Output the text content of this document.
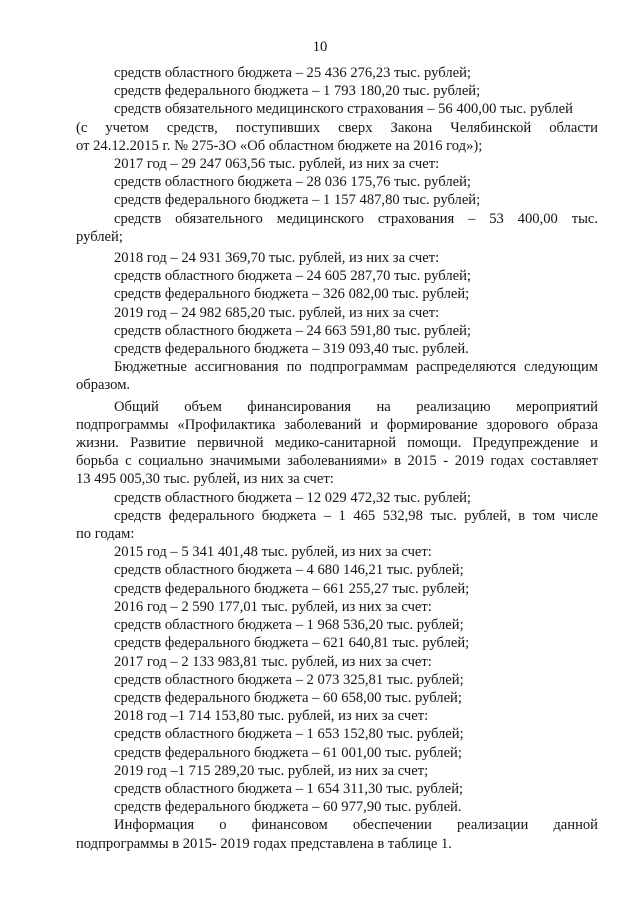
10

средств областного бюджета – 25 436 276,23 тыс. рублей;

средств федерального бюджета – 1 793 180,20 тыс. рублей;

средств обязательного медицинского страхования – 56 400,00 тыс. рублей

(с учетом средств, поступивших сверх Закона Челябинской области

от 24.12.2015 г. № 275-ЗО «Об областном бюджете на 2016 год»);

2017 год – 29 247 063,56 тыс. рублей, из них за счет:

средств областного бюджета – 28 036 175,76 тыс. рублей;

средств федерального бюджета – 1 157 487,80 тыс. рублей;

средств обязательного медицинского страхования – 53 400,00 тыс.

рублей;

2018 год – 24 931 369,70 тыс. рублей, из них за счет:

средств областного бюджета – 24 605 287,70 тыс. рублей;

средств федерального бюджета – 326 082,00 тыс. рублей;

2019 год – 24 982 685,20 тыс. рублей, из них за счет:

средств областного бюджета – 24 663 591,80 тыс. рублей;

средств федерального бюджета – 319 093,40 тыс. рублей.

Бюджетные ассигнования по подпрограммам распределяются следующим

образом.

Общий объем финансирования на реализацию мероприятий

подпрограммы «Профилактика заболеваний и формирование здорового образа

жизни. Развитие первичной медико-санитарной помощи. Предупреждение и

борьба с социально значимыми заболеваниями» в 2015 - 2019 годах составляет

13 495 005,30 тыс. рублей, из них за счет:

средств областного бюджета – 12 029 472,32 тыс. рублей;

средств федерального бюджета – 1 465 532,98 тыс. рублей, в том числе

по годам:

2015 год – 5 341 401,48 тыс. рублей, из них за счет:

средств областного бюджета – 4 680 146,21 тыс. рублей;

средств федерального бюджета – 661 255,27 тыс. рублей;

2016 год – 2 590 177,01 тыс. рублей, из них за счет:

средств областного бюджета – 1 968 536,20 тыс. рублей;

средств федерального бюджета – 621 640,81 тыс. рублей;

2017 год – 2 133 983,81 тыс. рублей, из них за счет:

средств областного бюджета – 2 073 325,81 тыс. рублей;

средств федерального бюджета – 60 658,00 тыс. рублей;

2018 год –1 714 153,80 тыс. рублей, из них за счет:

средств областного бюджета – 1 653 152,80 тыс. рублей;

средств федерального бюджета – 61 001,00 тыс. рублей;

2019 год –1 715 289,20 тыс. рублей, из них за счет;

средств областного бюджета – 1 654 311,30 тыс. рублей;

средств федерального бюджета – 60 977,90 тыс. рублей.

Информация о финансовом обеспечении реализации данной

подпрограммы в 2015- 2019 годах представлена в таблице 1.
